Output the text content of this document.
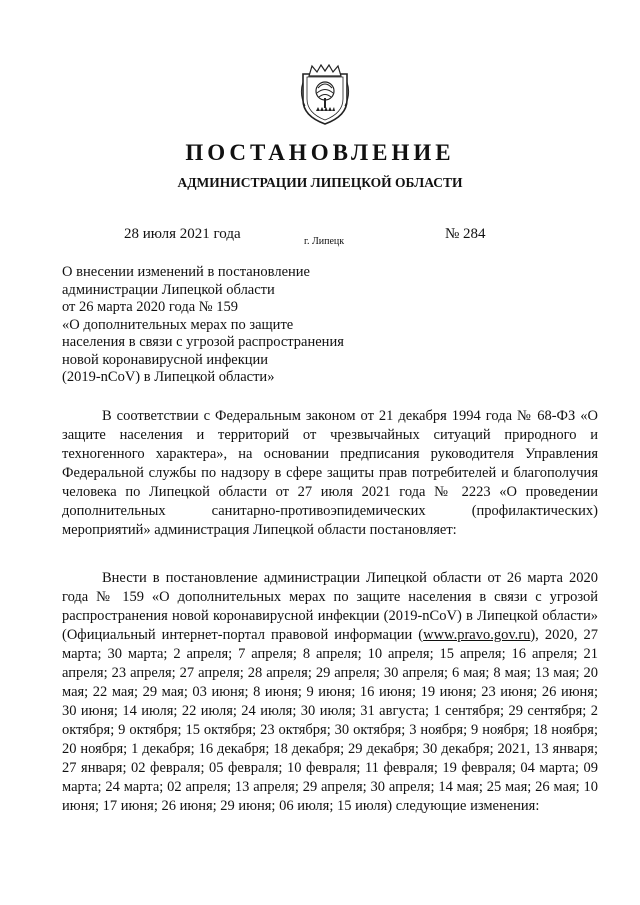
ПОСТАНОВЛЕНИЕ
АДМИНИСТРАЦИИ ЛИПЕЦКОЙ ОБЛАСТИ
28 июля 2021 года	г. Липецк	№ 284
О внесении изменений в постановление
администрации Липецкой области
от 26 марта 2020 года № 159
«О дополнительных мерах по защите
населения в связи с угрозой распространения
новой коронавирусной инфекции
(2019-nCoV) в Липецкой области»

В соответствии с Федеральным законом от 21 декабря 1994 года № 68-ФЗ «О защите населения и территорий от чрезвычайных ситуаций природного и техногенного характера», на основании предписания руководителя Управления Федеральной службы по надзору в сфере защиты прав потребителей и благополучия человека по Липецкой области от 27 июля 2021 года № 2223 «О проведении дополнительных санитарно-противоэпидемических (профилактических) мероприятий» администрация Липецкой области постановляет:

Внести в постановление администрации Липецкой области от 26 марта 2020 года № 159 «О дополнительных мерах по защите населения в связи с угрозой распространения новой коронавирусной инфекции (2019-nCoV) в Липецкой области» (Официальный интернет-портал правовой информации (www.pravo.gov.ru), 2020, 27 марта; 30 марта; 2 апреля; 7 апреля; 8 апреля; 10 апреля; 15 апреля; 16 апреля; 21 апреля; 23 апреля; 27 апреля; 28 апреля; 29 апреля; 30 апреля; 6 мая; 8 мая; 13 мая; 20 мая; 22 мая; 29 мая; 03 июня; 8 июня; 9 июня; 16 июня; 19 июня; 23 июня; 26 июня; 30 июня; 14 июля; 22 июля; 24 июля; 30 июля; 31 августа; 1 сентября; 29 сентября; 2 октября; 9 октября; 15 октября; 23 октября; 30 октября; 3 ноября; 9 ноября; 18 ноября; 20 ноября; 1 декабря; 16 декабря; 18 декабря; 29 декабря; 30 декабря; 2021, 13 января; 27 января; 02 февраля; 05 февраля; 10 февраля; 11 февраля; 19 февраля; 04 марта; 09 марта; 24 марта; 02 апреля; 13 апреля; 29 апреля; 30 апреля; 14 мая; 25 мая; 26 мая; 10 июня; 17 июня; 26 июня; 29 июня; 06 июля; 15 июля) следующие изменения:
